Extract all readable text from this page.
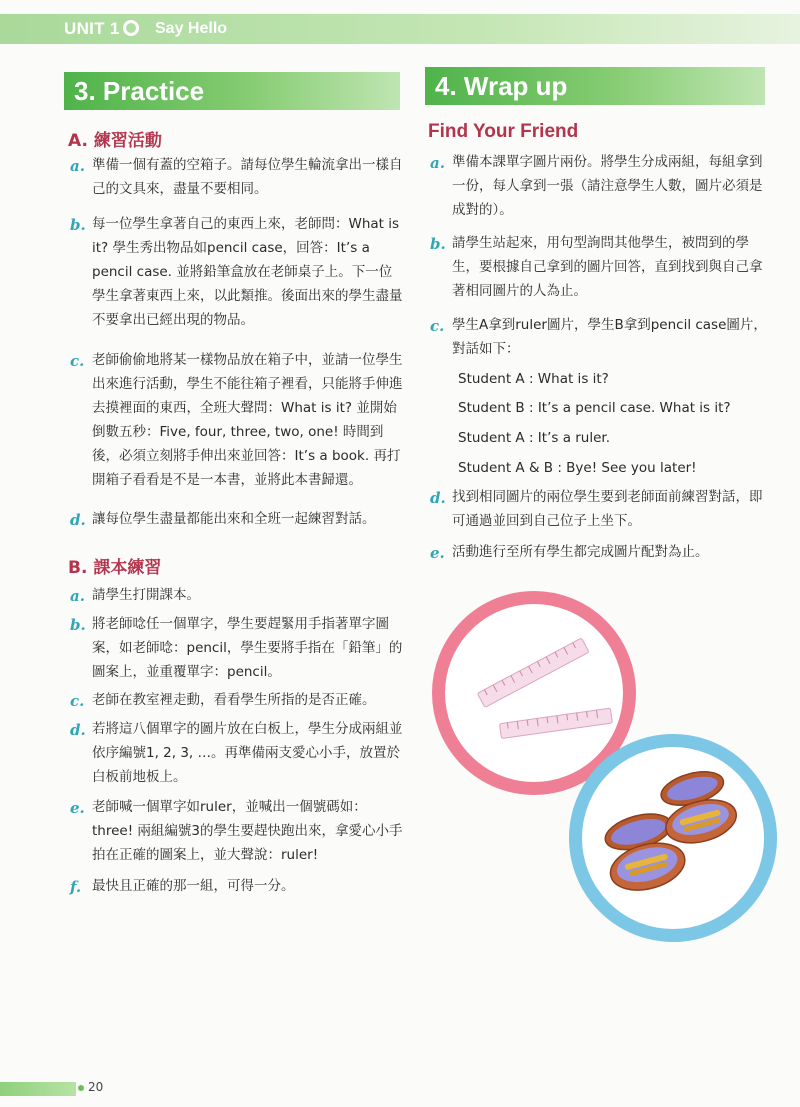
UNIT 1 Say Hello
3. Practice
A. 練習活動
a. 準備一個有蓋的空箱子。請每位學生輪流拿出一樣自己的文具來，盡量不要相同。
b. 每一位學生拿著自己的東西上來，老師問：What is it? 學生秀出物品如pencil case，回答：It’s a pencil case. 並將鉛筆盒放在老師桌子上。下一位學生拿著東西上來，以此類推。後面出來的學生盡量不要拿出已經出現的物品。
c. 老師偷偷地將某一樣物品放在箱子中，並請一位學生出來進行活動，學生不能往箱子裡看，只能將手伸進去摸裡面的東西，全班大聲問：What is it? 並開始倒數五秒：Five, four, three, two, one! 時間到後，必須立刻將手伸出來並回答：It’s a book. 再打開箱子看看是不是一本書，並將此本書歸還。
d. 讓每位學生盡量都能出來和全班一起練習對話。
B. 課本練習
a. 請學生打開課本。
b. 將老師唸任一個單字，學生要趕緊用手指著單字圖案，如老師唸：pencil，學生要將手指在「鉛筆」的圖案上，並重覆單字：pencil。
c. 老師在教室裡走動，看看學生所指的是否正確。
d. 若將這八個單字的圖片放在白板上，學生分成兩組並依序編號1, 2, 3, …。再準備兩支愛心小手，放置於白板前地板上。
e. 老師喊一個單字如ruler，並喊出一個號碼如：three! 兩組編號3的學生要趕快跑出來，拿愛心小手拍在正確的圖案上，並大聲說：ruler!
f. 最快且正確的那一組，可得一分。
4. Wrap up
Find Your Friend
a. 準備本課單字圖片兩份。將學生分成兩組，每組拿到一份，每人拿到一張（請注意學生人數，圖片必須是成對的）。
b. 請學生站起來，用句型詢問其他學生，被問到的學生，要根據自己拿到的圖片回答，直到找到與自己拿著相同圖片的人為止。
c. 學生A拿到ruler圖片，學生B拿到pencil case圖片，對話如下：
Student A : What is it?
Student B : It’s a pencil case. What is it?
Student A : It’s a ruler.
Student A & B : Bye! See you later!
d. 找到相同圖片的兩位學生要到老師面前練習對話，即可通過並回到自己位子上坐下。
e. 活動進行至所有學生都完成圖片配對為止。
20
